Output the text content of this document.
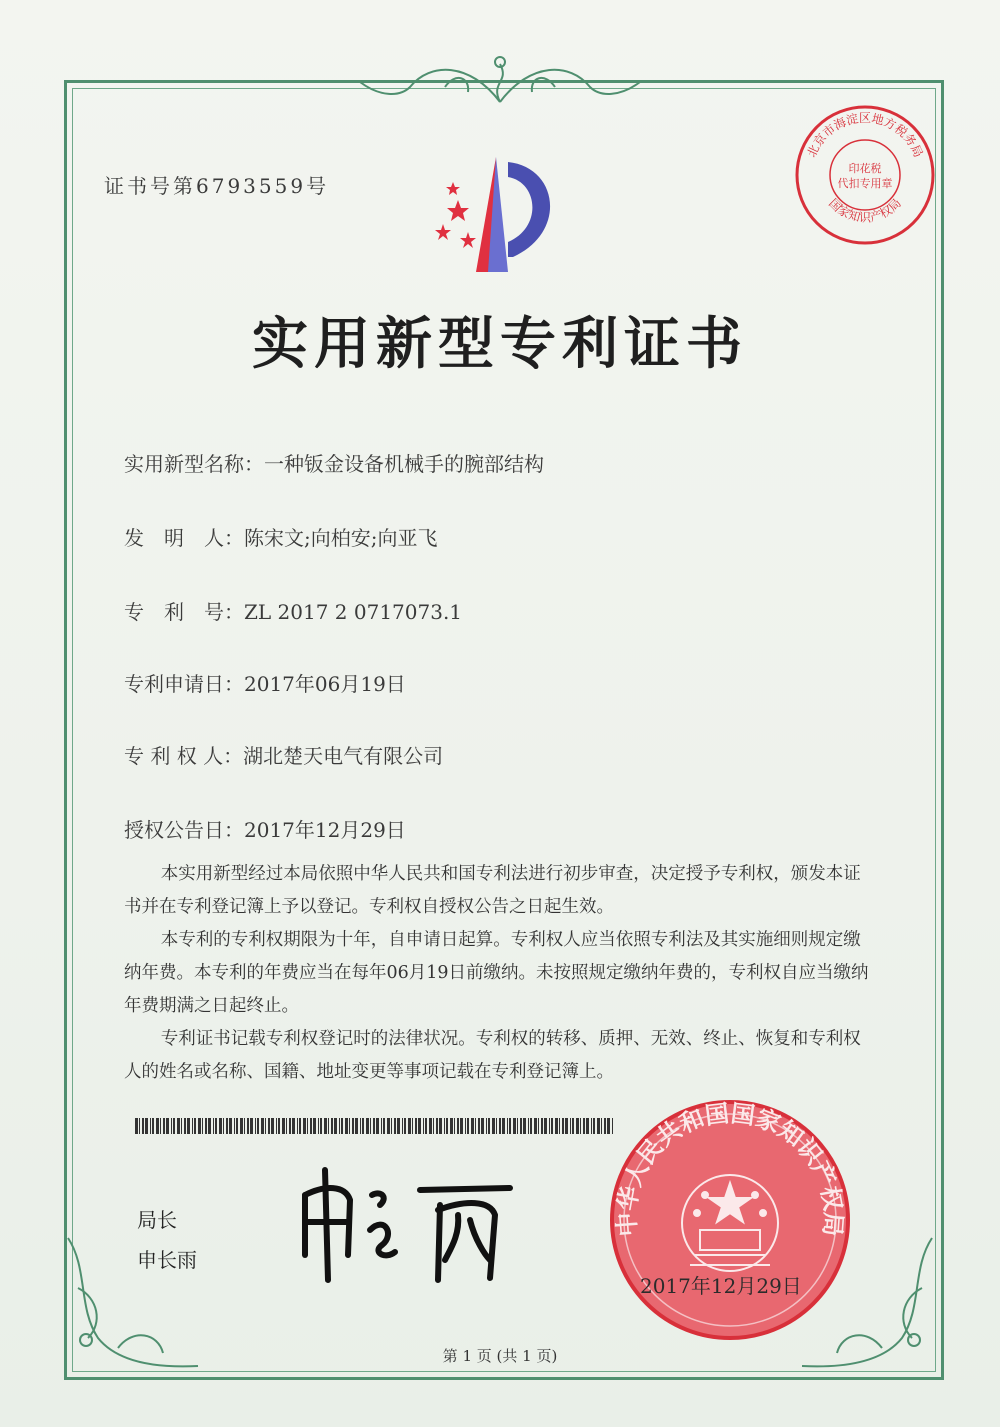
证书号第6793559号
北京市海淀区地方税务局
印花税
代扣专用章
国家知识产权局
实用新型专利证书
实用新型名称：一种钣金设备机械手的腕部结构
发　明　人：陈宋文;向柏安;向亚飞
专　利　号：ZL 2017 2 0717073.1
专利申请日：2017年06月19日
专 利 权 人：湖北楚天电气有限公司
授权公告日：2017年12月29日

本实用新型经过本局依照中华人民共和国专利法进行初步审查，决定授予专利权，颁发本证书并在专利登记簿上予以登记。专利权自授权公告之日起生效。

本专利的专利权期限为十年，自申请日起算。专利权人应当依照专利法及其实施细则规定缴纳年费。本专利的年费应当在每年06月19日前缴纳。未按照规定缴纳年费的，专利权自应当缴纳年费期满之日起终止。

专利证书记载专利权登记时的法律状况。专利权的转移、质押、无效、终止、恢复和专利权人的姓名或名称、国籍、地址变更等事项记载在专利登记簿上。

局长
申长雨
中华人民共和国国家知识产权局
2017年12月29日
第 1 页 (共 1 页)
